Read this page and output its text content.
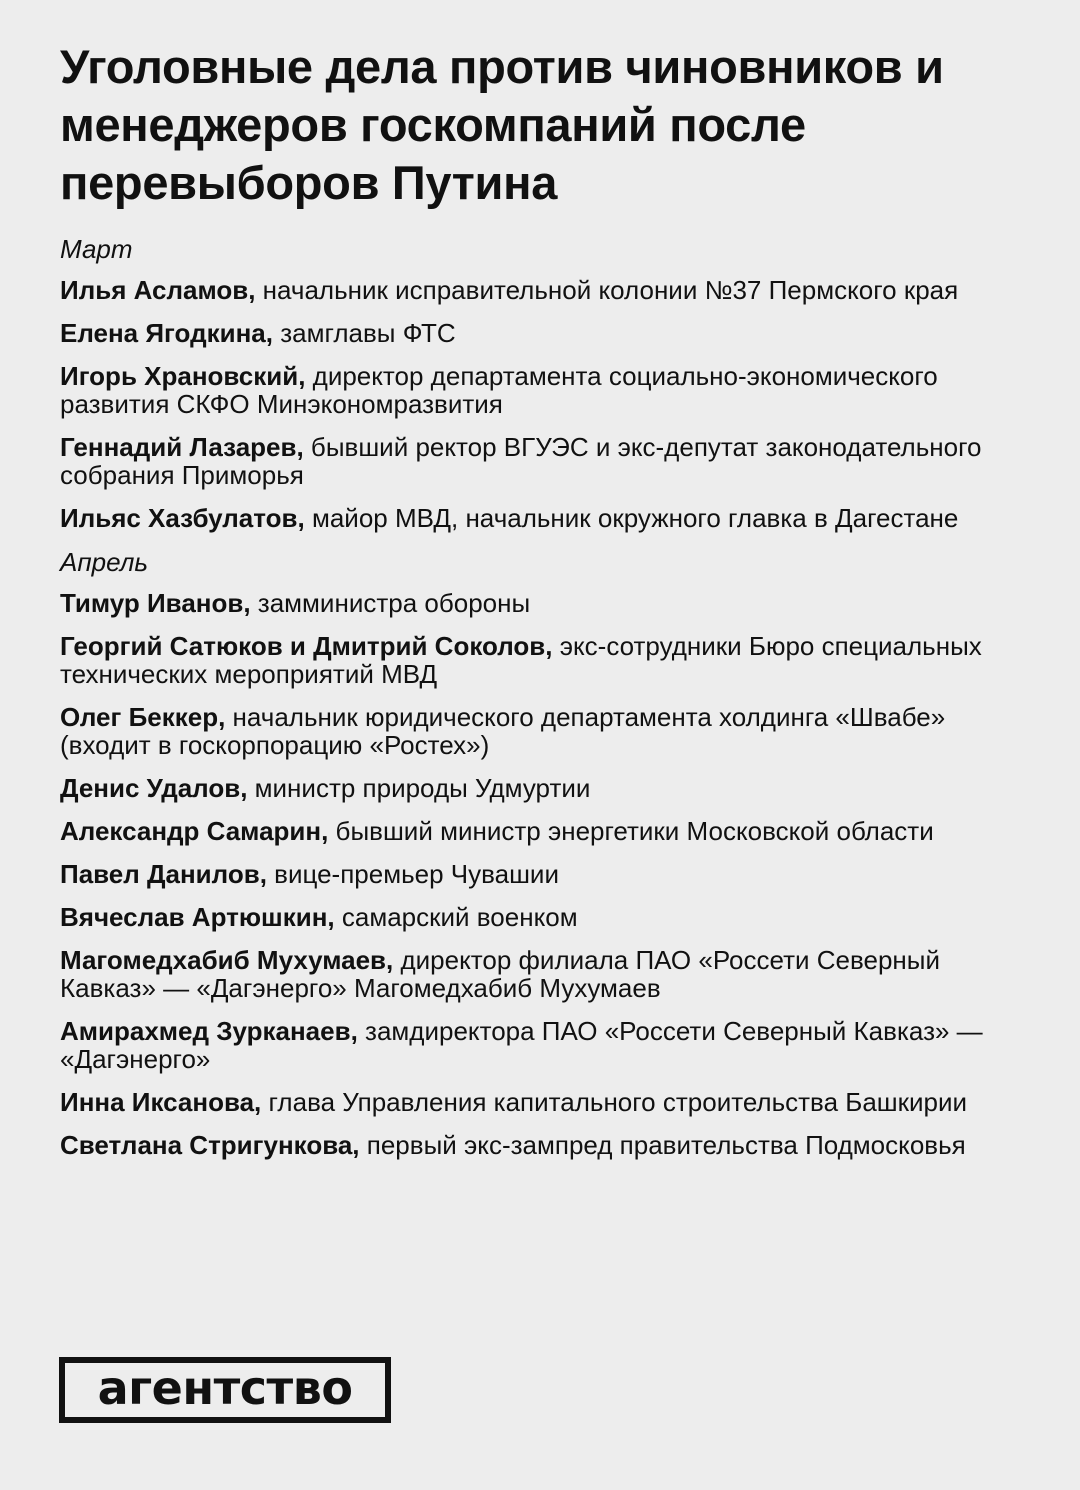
Уголовные дела против чиновников и менеджеров госкомпаний после перевыборов Путина
Март
Илья Асламов, начальник исправительной колонии №37 Пермского края
Елена Ягодкина, замглавы ФТС
Игорь Храновский, директор департамента социально-экономического развития СКФО Минэкономразвития
Геннадий Лазарев, бывший ректор ВГУЭС и экс-депутат законодательного собрания Приморья
Ильяс Хазбулатов, майор МВД, начальник окружного главка в Дагестане
Апрель
Тимур Иванов, замминистра обороны
Георгий Сатюков и Дмитрий Соколов, экс-сотрудники Бюро специальных технических мероприятий МВД
Олег Беккер, начальник юридического департамента холдинга «Швабе» (входит в госкорпорацию «Ростех»)
Денис Удалов, министр природы Удмуртии
Александр Самарин, бывший министр энергетики Московской области
Павел Данилов, вице-премьер Чувашии
Вячеслав Артюшкин, самарский военком
Магомедхабиб Мухумаев, директор филиала ПАО «Россети Северный Кавказ» — «Дагэнерго» Магомедхабиб Мухумаев
Амирахмед Зурканаев, замдиректора ПАО «Россети Северный Кавказ» — «Дагэнерго»
Инна Иксанова, глава Управления капитального строительства Башкирии
Светлана Стригункова, первый экс-зампред правительства Подмосковья
агентство
